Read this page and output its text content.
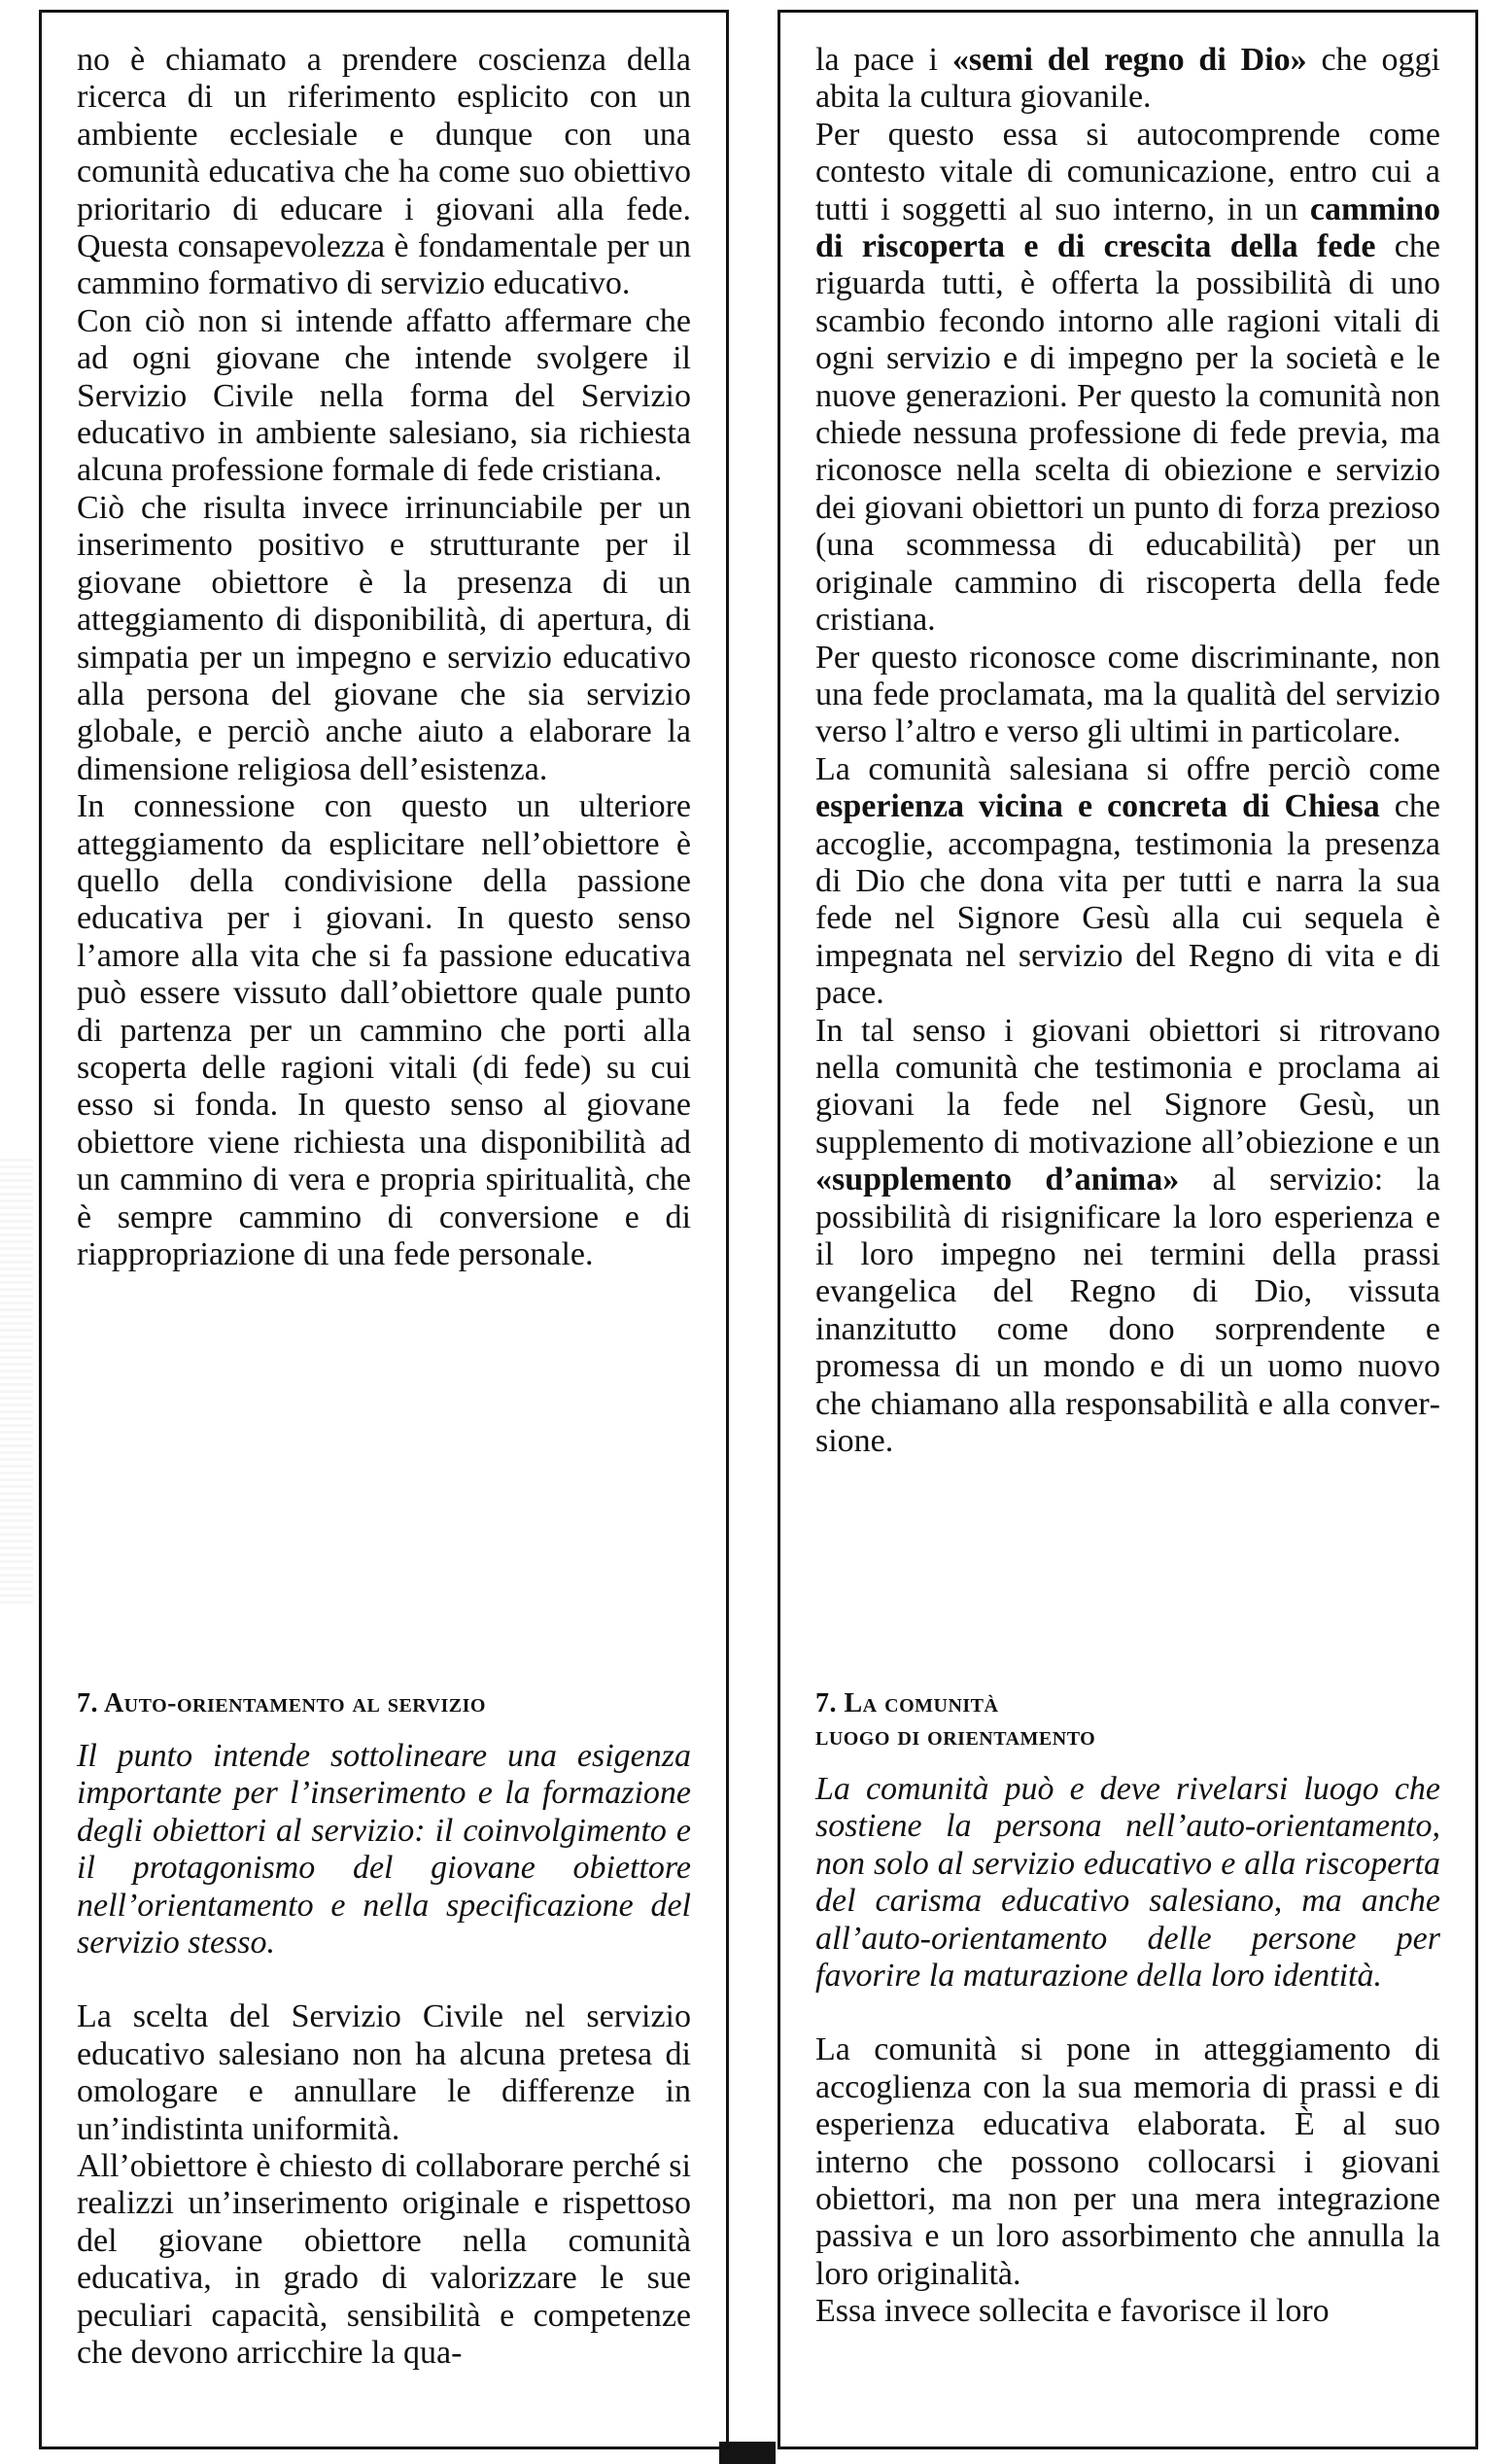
no è chiamato a prendere coscienza della ricerca di un riferimento esplicito con un ambiente ecclesiale e dunque con una comunità educativa che ha come suo obiettivo prioritario di educare i giovani alla fede. Questa consapevolezza è fondamentale per un cammino formativo di servizio educativo.

Con ciò non si intende affatto affermare che ad ogni giovane che intende svolgere il Servizio Civile nella forma del Servizio educativo in ambiente salesiano, sia richiesta alcuna professione formale di fede cristiana.

Ciò che risulta invece irrinunciabile per un inserimento positivo e strutturante per il giovane obiettore è la presenza di un atteggiamento di disponibilità, di apertura, di simpatia per un impegno e servizio educativo alla persona del giovane che sia servizio globale, e perciò anche aiuto a elaborare la dimensione religiosa dell’esistenza.

In connessione con questo un ulteriore atteggiamento da esplicitare nell’obiettore è quello della condivisione della passione educativa per i giovani. In questo senso l’amore alla vita che si fa passione educativa può essere vissuto dall’obiettore quale punto di partenza per un cammino che porti alla scoperta delle ragioni vitali (di fede) su cui esso si fonda. In questo senso al giovane obiettore viene richiesta una disponibilità ad un cammino di vera e propria spiritualità, che è sempre cammino di conversione e di riappropriazione di una fede personale.

7. Auto-orientamento al servizio

Il punto intende sottolineare una esigenza importante per l’inserimento e la formazione degli obiettori al servizio: il coinvolgimento e il protagonismo del giovane obiettore nell’orientamento e nella specificazione del servizio stesso.

La scelta del Servizio Civile nel servizio educativo salesiano non ha alcuna pretesa di omologare e annullare le differenze in un’indistinta uniformità.

All’obiettore è chiesto di collaborare perché si realizzi un’inserimento originale e rispettoso del giovane obiettore nella comunità educativa, in grado di valorizzare le sue peculiari capacità, sensibilità e competenze che devono arricchire la qua-

la pace i «semi del regno di Dio» che oggi abita la cultura giovanile.

Per questo essa si autocomprende come contesto vitale di comunicazione, entro cui a tutti i soggetti al suo interno, in un cammino di riscoperta e di crescita della fede che riguarda tutti, è offerta la possibilità di uno scambio fecondo intorno alle ragioni vitali di ogni servizio e di impegno per la società e le nuove generazioni. Per questo la comunità non chiede nessuna professione di fede previa, ma riconosce nella scelta di obiezione e servizio dei giovani obiettori un punto di forza prezioso (una scommessa di educabilità) per un originale cammino di riscoperta della fede cristiana.

Per questo riconosce come discriminante, non una fede proclamata, ma la qualità del servizio verso l’altro e verso gli ultimi in particolare.

La comunità salesiana si offre perciò come esperienza vicina e concreta di Chiesa che accoglie, accompagna, testimonia la presenza di Dio che dona vita per tutti e narra la sua fede nel Signore Gesù alla cui sequela è impegnata nel servizio del Regno di vita e di pace.

In tal senso i giovani obiettori si ritrovano nella comunità che testimonia e proclama ai giovani la fede nel Signore Gesù, un supplemento di motivazione all’obiezione e un «supplemento d’anima» al servizio: la possibilità di risignificare la loro esperienza e il loro impegno nei termini della prassi evangelica del Regno di Dio, vissuta inanzitutto come dono sorprendente e promessa di un mondo e di un uomo nuovo che chiamano alla responsabilità e alla conversione.

7. La comunità
luogo di orientamento

La comunità può e deve rivelarsi luogo che sostiene la persona nell’auto-orientamento, non solo al servizio educativo e alla riscoperta del carisma educativo salesiano, ma anche all’auto-orientamento delle persone per favorire la maturazione della loro identità.

La comunità si pone in atteggiamento di accoglienza con la sua memoria di prassi e di esperienza educativa elaborata. È al suo interno che possono collocarsi i giovani obiettori, ma non per una mera integrazione passiva e un loro assorbimento che annulla la loro originalità.

Essa invece sollecita e favorisce il loro
